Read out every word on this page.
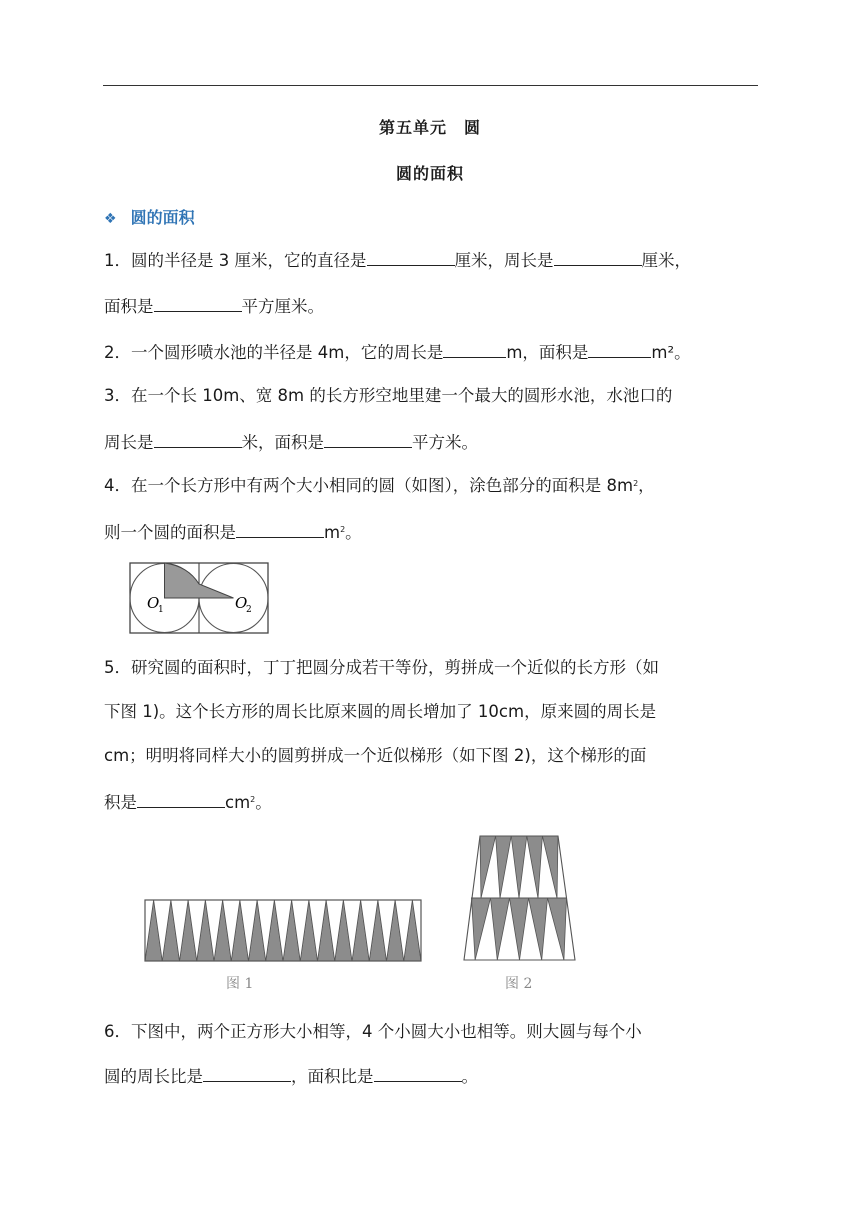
第五单元　圆
圆的面积
❖ 圆的面积
1．圆的半径是 3 厘米，它的直径是	厘米，周长是	厘米，
面积是	平方厘米。
2．一个圆形喷水池的半径是 4m，它的周长是	m，面积是	m²。
3．在一个长 10m、宽 8m 的长方形空地里建一个最大的圆形水池，水池口的
周长是	米，面积是	平方米。
4．在一个长方形中有两个大小相同的圆（如图），涂色部分的面积是 $8m^2$，
则一个圆的面积是	$m^2$。
O
1	O
2
5．研究圆的面积时，丁丁把圆分成若干等份，剪拼成一个近似的长方形（如
下图 1)。这个长方形的周长比原来圆的周长增加了 10cm，原来圆的周长是
cm；明明将同样大小的圆剪拼成一个近似梯形（如下图 2)，这个梯形的面
积是	$cm^2$。
图 1	图 2
6．下图中，两个正方形大小相等，4 个小圆大小也相等。则大圆与每个小
圆的周长比是	，面积比是	。
